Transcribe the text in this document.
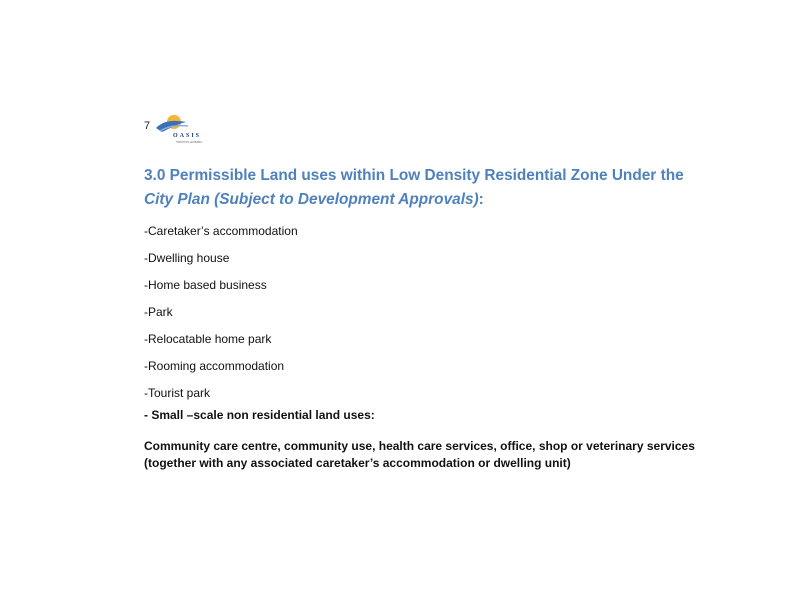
7
OASIS
TOWN PLANNING
3.0 Permissible Land uses within Low Density Residential Zone Under the City Plan (Subject to Development Approvals):
-Caretaker’s accommodation
-Dwelling house
-Home based business
-Park
-Relocatable home park
-Rooming accommodation
-Tourist park
- Small –scale non residential land uses:
Community care centre, community use, health care services, office, shop or veterinary services (together with any associated caretaker’s accommodation or dwelling unit)
